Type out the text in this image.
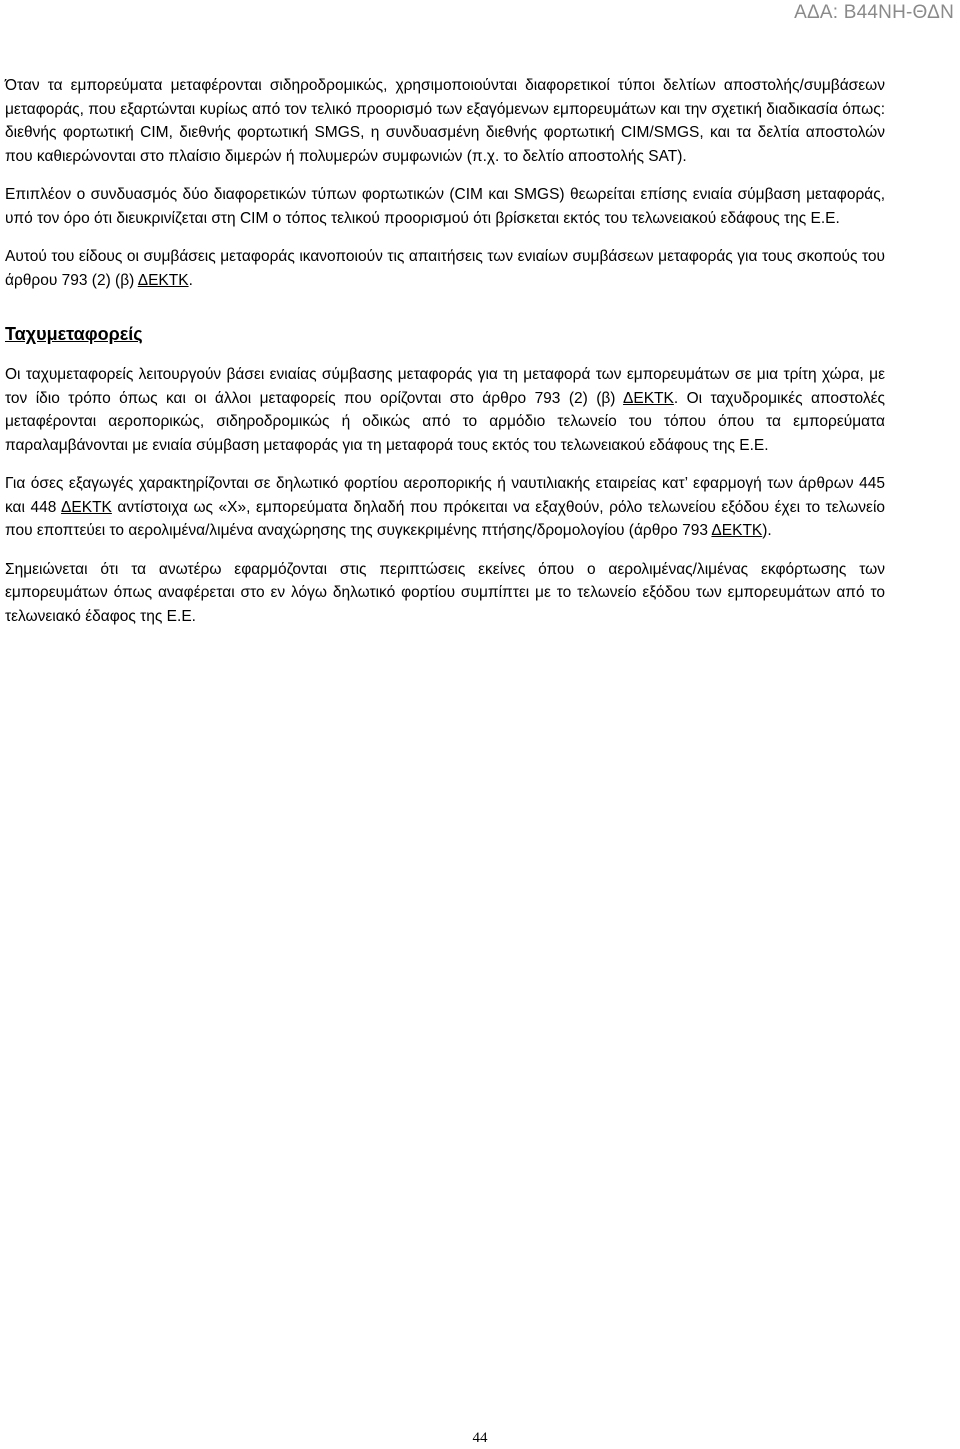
ΑΔΑ: Β44ΝΗ-ΘΔΝ

Όταν τα εμπορεύματα μεταφέρονται σιδηροδρομικώς, χρησιμοποιούνται διαφορετικοί τύποι δελτίων αποστολής/συμβάσεων μεταφοράς, που εξαρτώνται κυρίως από τον τελικό προορισμό των εξαγόμενων εμπορευμάτων και την σχετική διαδικασία όπως: διεθνής φορτωτική CIM, διεθνής φορτωτική SMGS, η συνδυασμένη διεθνής φορτωτική CIM/SMGS, και τα δελτία αποστολών που καθιερώνονται στο πλαίσιο διμερών ή πολυμερών συμφωνιών (π.χ. το δελτίο αποστολής SAT).

Επιπλέον ο συνδυασμός δύο διαφορετικών τύπων φορτωτικών (CIM και SMGS) θεωρείται επίσης ενιαία σύμβαση μεταφοράς, υπό τον όρο ότι διευκρινίζεται στη CIM ο τόπος τελικού προορισμού ότι βρίσκεται εκτός του τελωνειακού εδάφους της Ε.Ε.

Αυτού του είδους οι συμβάσεις μεταφοράς ικανοποιούν τις απαιτήσεις των ενιαίων συμβάσεων μεταφοράς για τους σκοπούς του άρθρου 793 (2) (β) ΔΕΚΤΚ.

Ταχυμεταφορείς

Οι ταχυμεταφορείς λειτουργούν βάσει ενιαίας σύμβασης μεταφοράς για τη μεταφορά των εμπορευμάτων σε μια τρίτη χώρα, με τον ίδιο τρόπο όπως και οι άλλοι μεταφορείς που ορίζονται στο άρθρο 793 (2) (β) ΔΕΚΤΚ. Οι ταχυδρομικές αποστολές μεταφέρονται αεροπορικώς, σιδηροδρομικώς ή οδικώς από το αρμόδιο τελωνείο του τόπου όπου τα εμπορεύματα παραλαμβάνονται με ενιαία σύμβαση μεταφοράς για τη μεταφορά τους εκτός του τελωνειακού εδάφους της Ε.Ε.

Για όσες εξαγωγές χαρακτηρίζονται σε δηλωτικό φορτίου αεροπορικής ή ναυτιλιακής εταιρείας κατ’ εφαρμογή των άρθρων 445 και 448 ΔΕΚΤΚ αντίστοιχα ως «Χ», εμπορεύματα δηλαδή που πρόκειται να εξαχθούν, ρόλο τελωνείου εξόδου έχει το τελωνείο που εποπτεύει το αερολιμένα/λιμένα αναχώρησης της συγκεκριμένης πτήσης/δρομολογίου (άρθρο 793 ΔΕΚΤΚ).

Σημειώνεται ότι τα ανωτέρω εφαρμόζονται στις περιπτώσεις εκείνες όπου ο αερολιμένας/λιμένας εκφόρτωσης των εμπορευμάτων όπως αναφέρεται στο εν λόγω δηλωτικό φορτίου συμπίπτει με το τελωνείο εξόδου των εμπορευμάτων από το τελωνειακό έδαφος της Ε.Ε.

44
